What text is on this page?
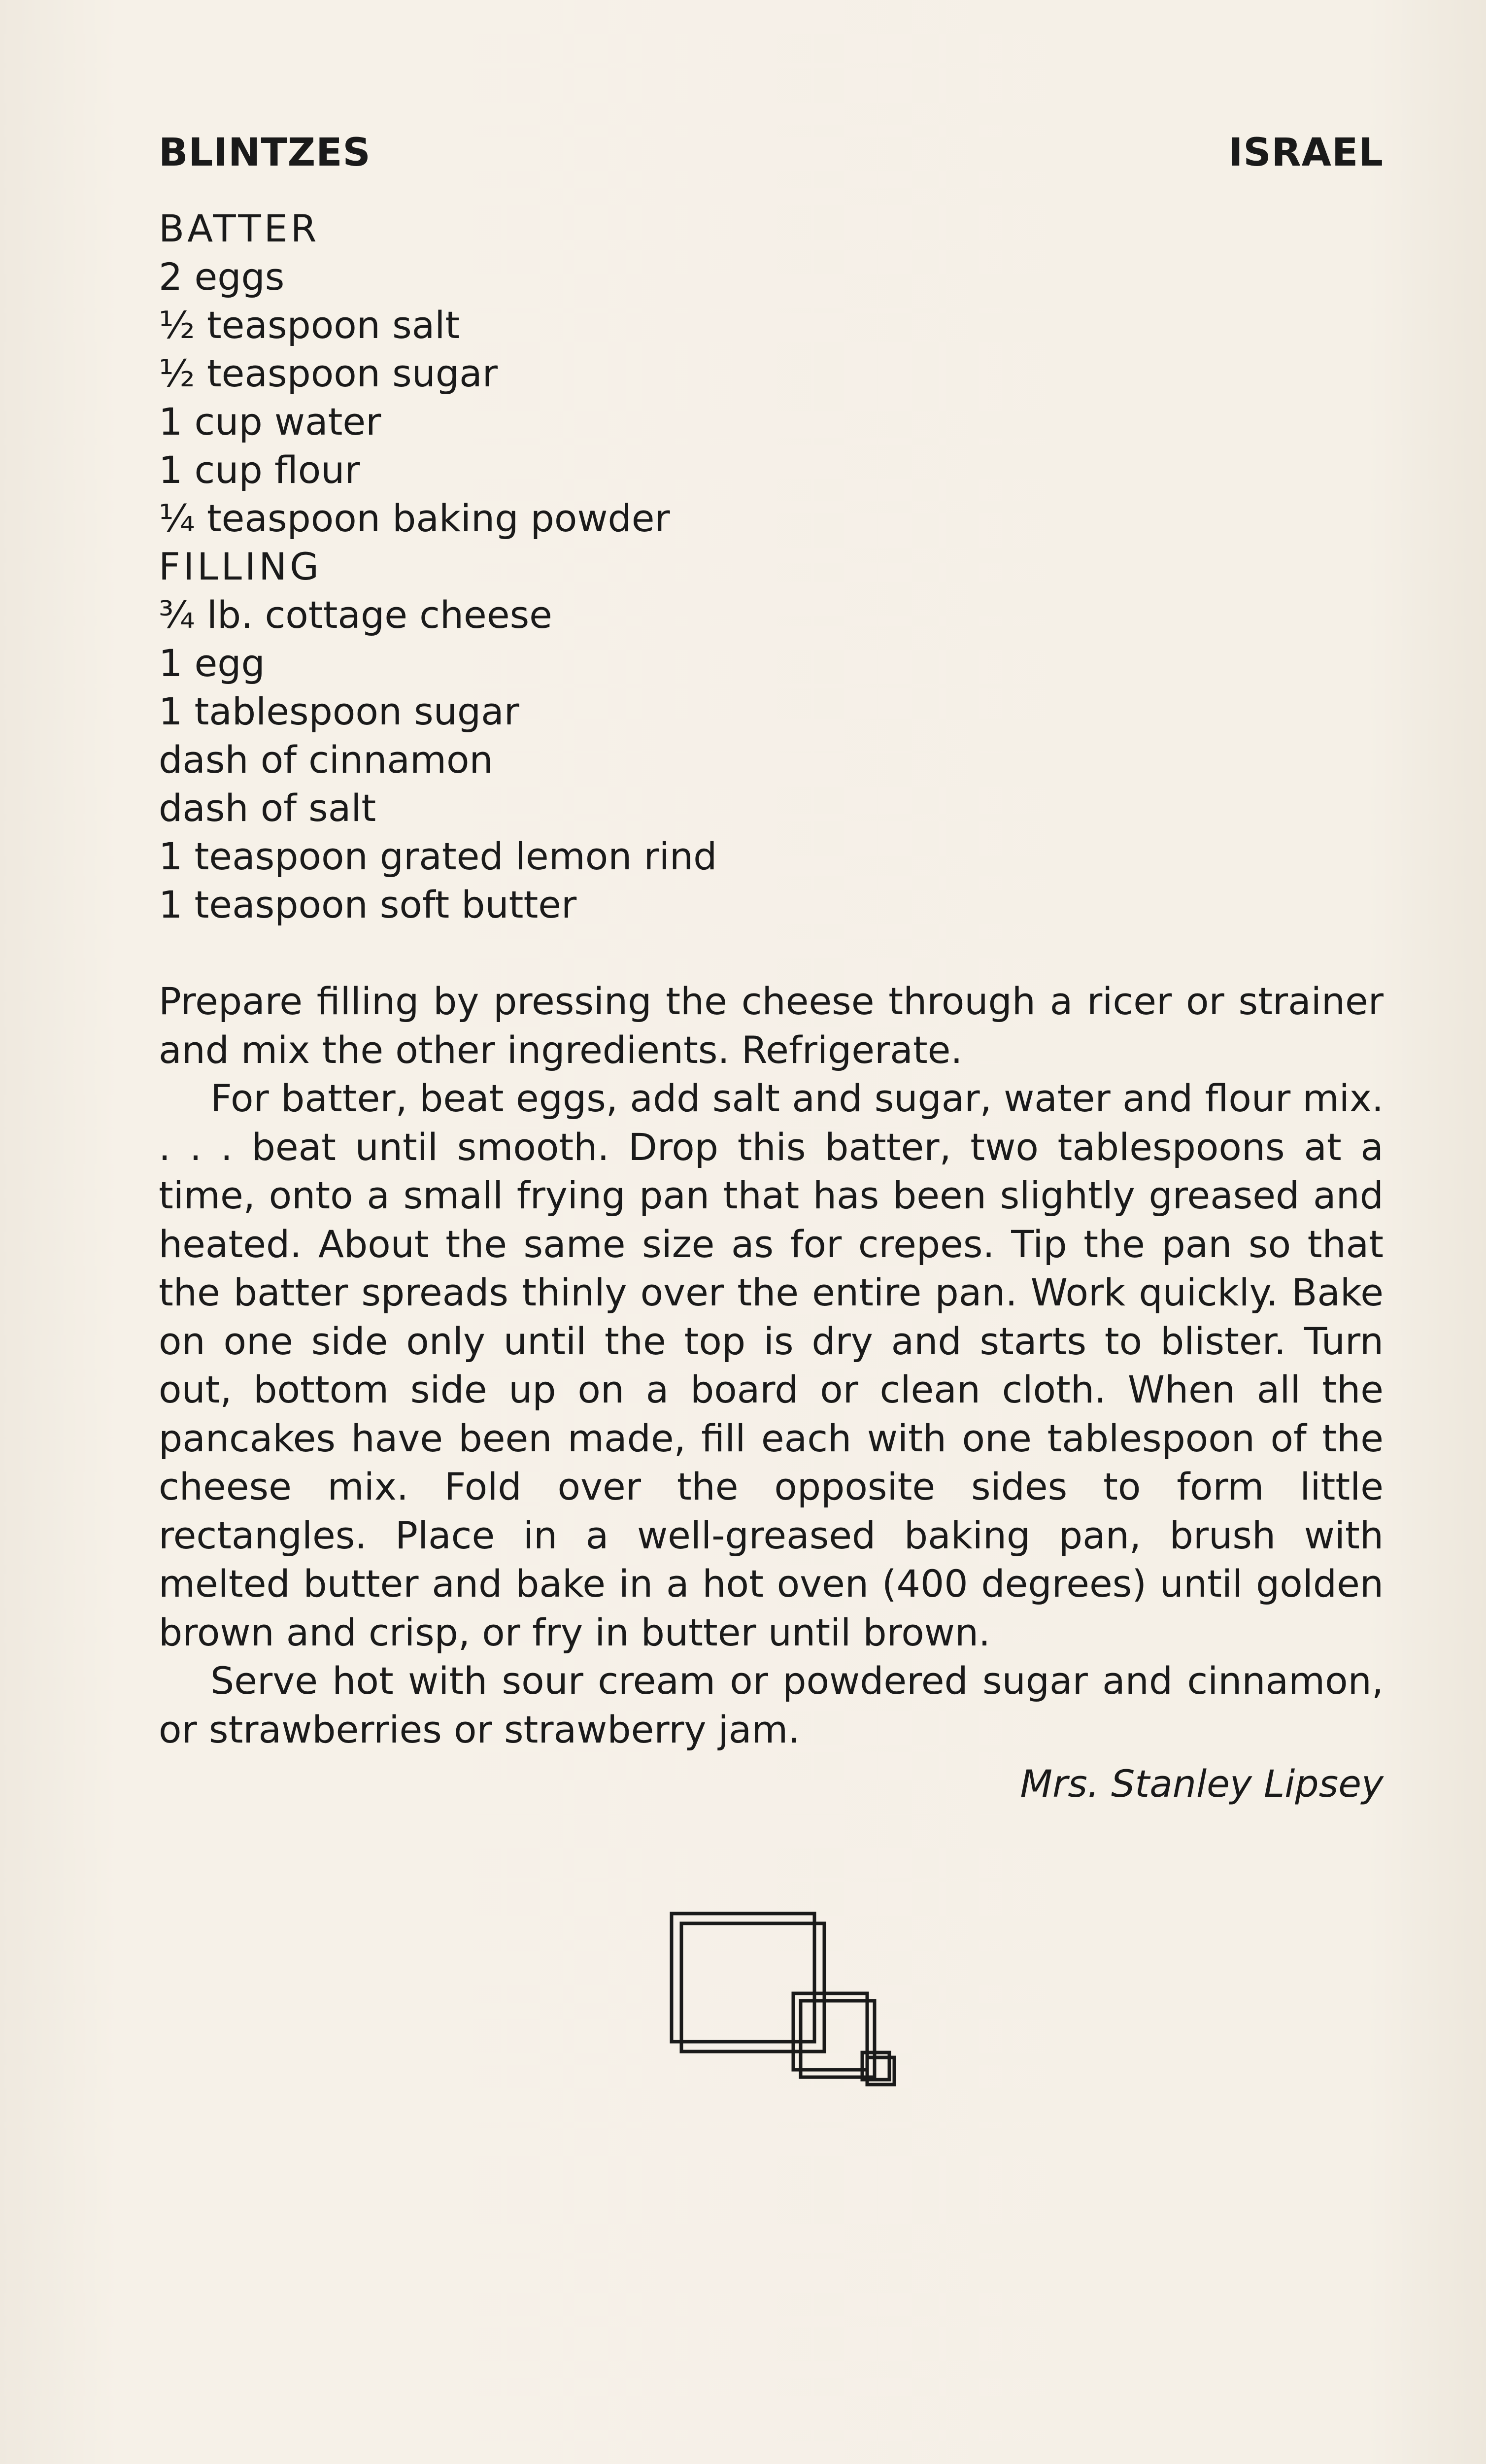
BLINTZES	ISRAEL
BATTER
2 eggs
½ teaspoon salt
½ teaspoon sugar
1 cup water
1 cup flour
¼ teaspoon baking powder
FILLING
¾ lb. cottage cheese
1 egg
1 tablespoon sugar
dash of cinnamon
dash of salt
1 teaspoon grated lemon rind
1 teaspoon soft butter

Prepare filling by pressing the cheese through a ricer or strainer and mix the other ingredients. Refrigerate.

For batter, beat eggs, add salt and sugar, water and flour mix. . . . beat until smooth. Drop this batter, two tablespoons at a time, onto a small frying pan that has been slightly greased and heated. About the same size as for crepes. Tip the pan so that the batter spreads thinly over the entire pan. Work quickly. Bake on one side only until the top is dry and starts to blister. Turn out, bottom side up on a board or clean cloth. When all the pancakes have been made, fill each with one tablespoon of the cheese mix. Fold over the opposite sides to form little rectangles. Place in a well-greased baking pan, brush with melted butter and bake in a hot oven (400 degrees) until golden brown and crisp, or fry in butter until brown.

Serve hot with sour cream or powdered sugar and cinnamon, or strawberries or strawberry jam.

Mrs. Stanley Lipsey
